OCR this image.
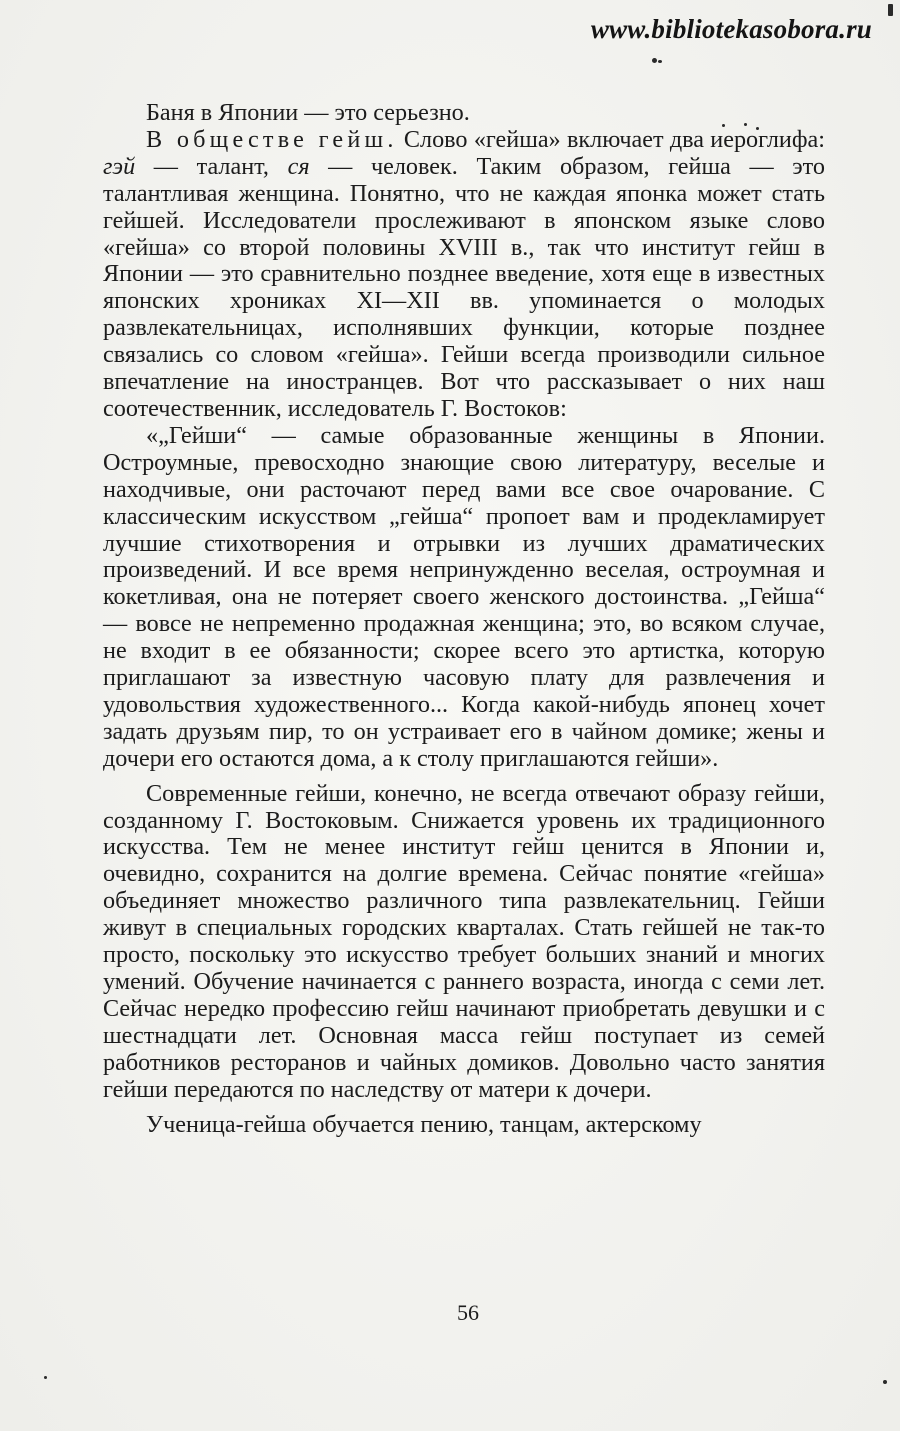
www.bibliotekasobora.ru

Баня в Японии — это серьезно.

В обществе гейш. Слово «гейша» включает два иероглифа: гэй — талант, ся — человек. Таким образом, гейша — это талантливая женщина. Понятно, что не каждая японка может стать гейшей. Исследователи прослеживают в японском языке слово «гейша» со второй половины XVIII в., так что институт гейш в Японии — это сравнительно позднее введение, хотя еще в известных японских хрониках XI—XII вв. упоминается о молодых развлекательницах, исполнявших функции, которые позднее связались со словом «гейша». Гейши всегда производили сильное впечатление на иностранцев. Вот что рассказывает о них наш соотечественник, исследователь Г. Востоков:

«„Гейши“ — самые образованные женщины в Японии. Остроумные, превосходно знающие свою литературу, веселые и находчивые, они расточают перед вами все свое очарование. С классическим искусством „гейша“ пропоет вам и продекламирует лучшие стихотворения и отрывки из лучших драматических произведений. И все время непринужденно веселая, остроумная и кокетливая, она не потеряет своего женского достоинства. „Гейша“ — вовсе не непременно продажная женщина; это, во всяком случае, не входит в ее обязанности; скорее всего это артистка, которую приглашают за известную часовую плату для развлечения и удовольствия художественного... Когда какой-нибудь японец хочет задать друзьям пир, то он устраивает его в чайном домике; жены и дочери его остаются дома, а к столу приглашаются гейши».

Современные гейши, конечно, не всегда отвечают образу гейши, созданному Г. Востоковым. Снижается уровень их традиционного искусства. Тем не менее институт гейш ценится в Японии и, очевидно, сохранится на долгие времена. Сейчас понятие «гейша» объединяет множество различного типа развлекательниц. Гейши живут в специальных городских кварталах. Стать гейшей не так-то просто, поскольку это искусство требует больших знаний и многих умений. Обучение начинается с раннего возраста, иногда с семи лет. Сейчас нередко профессию гейш начинают приобретать девушки и с шестнадцати лет. Основная масса гейш поступает из семей работников ресторанов и чайных домиков. Довольно часто занятия гейши передаются по наследству от матери к дочери.

Ученица-гейша обучается пению, танцам, актерскому

56
